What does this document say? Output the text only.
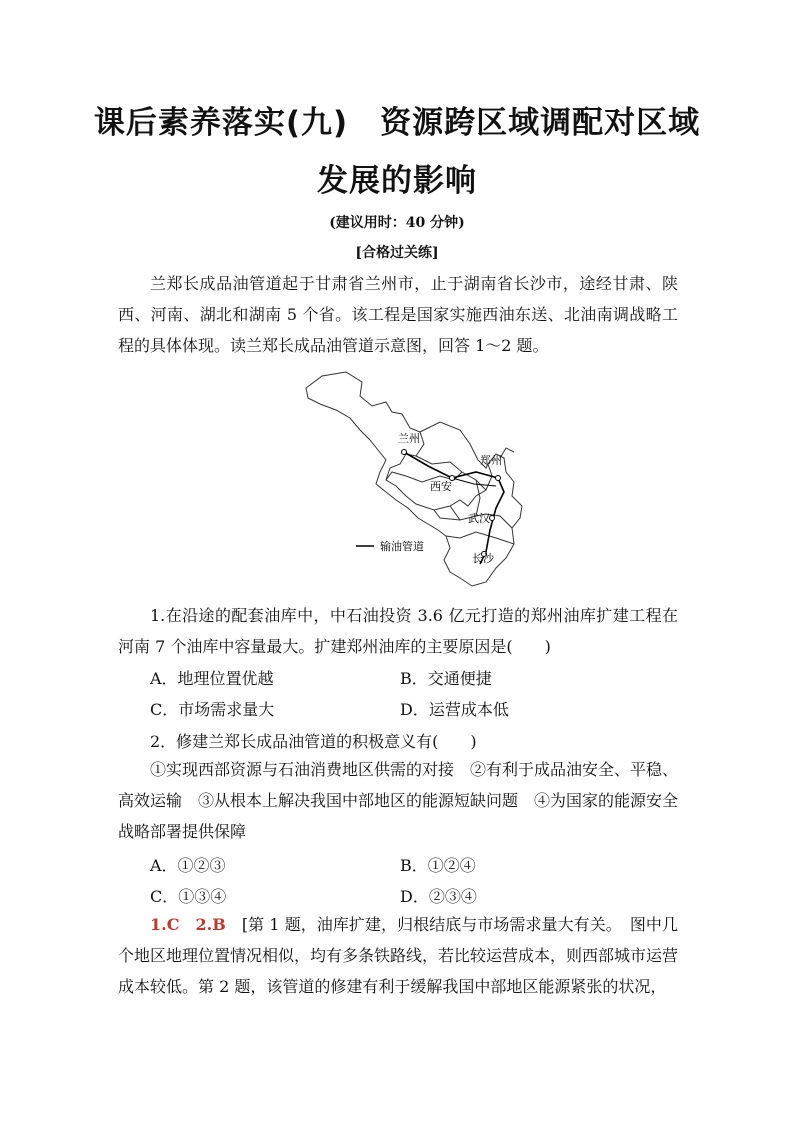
课后素养落实(九)　资源跨区域调配对区域
发展的影响
(建议用时：40 分钟)
[合格过关练]
兰郑长成品油管道起于甘肃省兰州市，止于湖南省长沙市，途经甘肃、陕西、河南、湖北和湖南 5 个省。该工程是国家实施西油东送、北油南调战略工程的具体体现。读兰郑长成品油管道示意图，回答 1～2 题。
兰州
西安
郑州
武汉
长沙
输油管道
1.在沿途的配套油库中，中石油投资 3.6 亿元打造的郑州油库扩建工程在河南 7 个油库中容量最大。扩建郑州油库的主要原因是(　　)
A．地理位置优越	B．交通便捷
C．市场需求量大	D．运营成本低
2．修建兰郑长成品油管道的积极意义有(　　)
①实现西部资源与石油消费地区供需的对接　②有利于成品油安全、平稳、高效运输　③从根本上解决我国中部地区的能源短缺问题　④为国家的能源安全战略部署提供保障
A．①②③	B．①②④
C．①③④	D．②③④
1.C　2.B　 [第 1 题，油库扩建，归根结底与市场需求量大有关。　图中几个地区地理位置情况相似，均有多条铁路线，若比较运营成本，则西部城市运营成本较低。第 2 题，该管道的修建有利于缓解我国中部地区能源紧张的状况，
